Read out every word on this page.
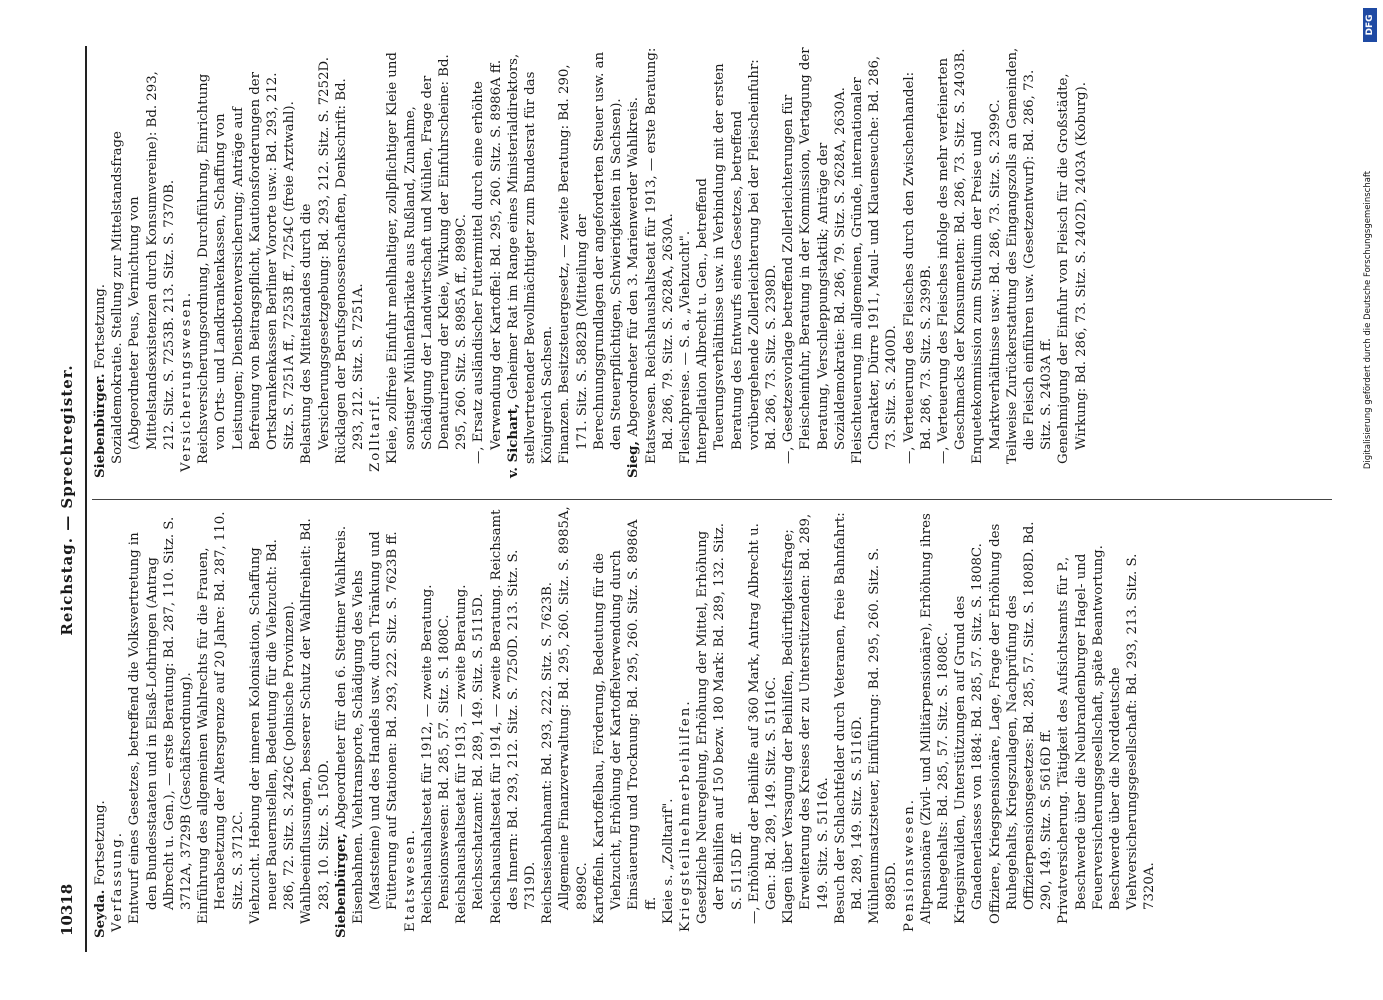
10318
Reichstag. — Sprechregister.
Seyda. Fortsetzung. Verfassung. Entwurf eines Gesetzes, betreffend die Volksvertretung in den Bundesstaaten und in Elsaß-Lothringen (Antrag Albrecht u. Gen.), — erste Beratung: Bd. 287, 110. Sitz. S. 3712A, 3729B (Geschäftsordnung). Einführung des allgemeinen Wahlrechts für die Frauen, Herabsetzung der Altersgrenze auf 20 Jahre: Bd. 287, 110. Sitz. S. 3712C. Viehzucht. Hebung der inneren Kolonisation, Schaffung neuer Bauernstellen, Bedeutung für die Viehzucht: Bd. 286, 72. Sitz. S. 2426C (polnische Provinzen). Wahlbeeinflussungen, besserer Schutz der Wahlfreiheit: Bd. 283, 10. Sitz. S. 150D. Siebenbürger, Abgeordneter für den 6. Stettiner Wahlkreis. Eisenbahnen. Viehtransporte, Schädigung des Viehs (Maststeine) und des Handels usw. durch Tränkung und Fütterung auf Stationen: Bd. 293, 222. Sitz. S. 7623B ff. Etatswesen. Reichshaushaltsetat für 1912, — zweite Beratung. Pensionswesen: Bd. 285, 57. Sitz. S. 1808C. Reichshaushaltsetat für 1913, — zweite Beratung. Reichsschatzamt: Bd. 289, 149. Sitz. S. 5115D. Reichshaushaltsetat für 1914, — zweite Beratung. Reichsamt des Innern: Bd. 293, 212. Sitz. S. 7250D. 213. Sitz. S. 7319D. Reichseisenbahnamt: Bd. 293, 222. Sitz. S. 7623B. Allgemeine Finanzverwaltung: Bd. 295, 260. Sitz. S. 8985A, 8989C. Kartoffeln. Kartoffelbau, Förderung, Bedeutung für die Viehzucht, Erhöhung der Kartoffelverwendung durch Einsäuerung und Trocknung: Bd. 295, 260. Sitz. S. 8986A ff. Kleie s. „Zolltarif". Kriegsteilnehmerbeihilfen. Gesetzliche Neuregelung, Erhöhung der Mittel, Erhöhung der Beihilfen auf 150 bezw. 180 Mark: Bd. 289, 132. Sitz. S. 5115D ff. —, Erhöhung der Beihilfe auf 360 Mark, Antrag Albrecht u. Gen.: Bd. 289, 149. Sitz. S. 5116C. Klagen über Versagung der Beihilfen, Bedürftigkeitsfrage; Erweiterung des Kreises der zu Unterstützenden: Bd. 289, 149. Sitz. S. 5116A. Besuch der Schlachtfelder durch Veteranen, freie Bahnfahrt: Bd. 289, 149. Sitz. S. 5116D. Mühlenumsatzsteuer, Einführung: Bd. 295, 260. Sitz. S. 8985D. Pensionswesen. Altpensionäre (Zivil- und Militärpensionäre), Erhöhung ihres Ruhegehalts: Bd. 285, 57. Sitz. S. 1808C. Kriegsinvaliden, Unterstützungen auf Grund des Gnadenerlasses von 1884: Bd. 285, 57. Sitz. S. 1808C. Offiziere, Kriegspensionäre, Lage, Frage der Erhöhung des Ruhegehalts, Kriegszulagen, Nachprüfung des Offizierpensionsgesetzes: Bd. 285, 57. Sitz. S. 1808D. Bd. 290, 149. Sitz. S. 5616D ff. Privatversicherung. Tätigkeit des Aufsichtsamts für P., Beschwerde über die Neubrandenburger Hagel- und Feuerversicherungsgesellschaft, späte Beantwortung. Beschwerde über die Norddeutsche Viehversicherungsgesellschaft: Bd. 293, 213. Sitz. S. 7320A.
Siebenbürger. Fortsetzung. Sozialdemokratie. Stellung zur Mittelstandsfrage (Abgeordneter Peus, Vernichtung von Mittelstandsexistenzen durch Konsumvereine): Bd. 293, 212. Sitz. S. 7253B. 213. Sitz. S. 7370B. Versicherungswesen. Reichsversicherungsordnung, Durchführung, Einrichtung von Orts- und Landkrankenkassen, Schaffung von Leistungen; Dienstbotenversicherung; Anträge auf Befreiung von Beitragspflicht, Kautionsforderungen der Ortskrankenkassen Berliner Vororte usw.: Bd. 293, 212. Sitz. S. 7251A ff., 7253B ff., 7254C (freie Arztwahl). Belastung des Mittelstandes durch die Versicherungsgesetzgebung: Bd. 293, 212. Sitz. S. 7252D. Rücklagen der Berufsgenossenschaften, Denkschrift: Bd. 293, 212. Sitz. S. 7251A. Zolltarif. Kleie, zollfreie Einfuhr mehlhaltiger, zollpflichtiger Kleie und sonstiger Mühlenfabrikate aus Rußland, Zunahme, Schädigung der Landwirtschaft und Mühlen, Frage der Denaturierung der Kleie, Wirkung der Einfuhrscheine: Bd. 295, 260. Sitz. S. 8985A ff., 8989C. —, Ersatz ausländischer Futtermittel durch eine erhöhte Verwendung der Kartoffel: Bd. 295, 260. Sitz. S. 8986A ff. v. Sichart, Geheimer Rat im Range eines Ministerialdirektors, stellvertretender Bevollmächtigter zum Bundesrat für das Königreich Sachsen. Finanzen. Besitzsteuergesetz, — zweite Beratung: Bd. 290, 171. Sitz. S. 5882B (Mitteilung der Berechnungsgrundlagen der angeforderten Steuer usw. an den Steuerpflichtigen, Schwierigkeiten in Sachsen).
Sieg, Abgeordneter für den 3. Marienwerder Wahlkreis. Etatswesen. Reichshaushaltsetat für 1913, — erste Beratung: Bd. 286, 79. Sitz. S. 2628A, 2630A. Fleischpreise. — S. a. „Viehzucht". Interpellation Albrecht u. Gen., betreffend Teuerungsverhältnisse usw. in Verbindung mit der ersten Beratung des Entwurfs eines Gesetzes, betreffend vorübergehende Zollerleichterung bei der Fleischeinfuhr: Bd. 286, 73. Sitz. S. 2398D. —, Gesetzesvorlage betreffend Zollerleichterungen für Fleischeinfuhr, Beratung in der Kommission, Vertagung der Beratung, Verschleppungstaktik; Anträge der Sozialdemokratie: Bd. 286, 79. Sitz. S. 2628A, 2630A. Fleischteuerung im allgemeinen, Gründe, internationaler Charakter, Dürre 1911, Maul- und Klauenseuche: Bd. 286, 73. Sitz. S. 2400D. —, Verteuerung des Fleisches durch den Zwischenhandel: Bd. 286, 73. Sitz. S. 2399B. —, Verteuerung des Fleisches infolge des mehr verfeinerten Geschmacks der Konsumenten: Bd. 286, 73. Sitz. S. 2403B. Enquetekommission zum Studium der Preise und Marktverhältnisse usw.: Bd. 286, 73. Sitz. S. 2399C. Teilweise Zurückerstattung des Eingangszolls an Gemeinden, die Fleisch einführen usw. (Gesetzentwurf): Bd. 286, 73. Sitz. S. 2403A ff. Genehmigung der Einfuhr von Fleisch für die Großstädte, Wirkung: Bd. 286, 73. Sitz. S. 2402D, 2403A (Koburg).
DFG
Digitalisierung gefördert durch die Deutsche Forschungsgemeinschaft
